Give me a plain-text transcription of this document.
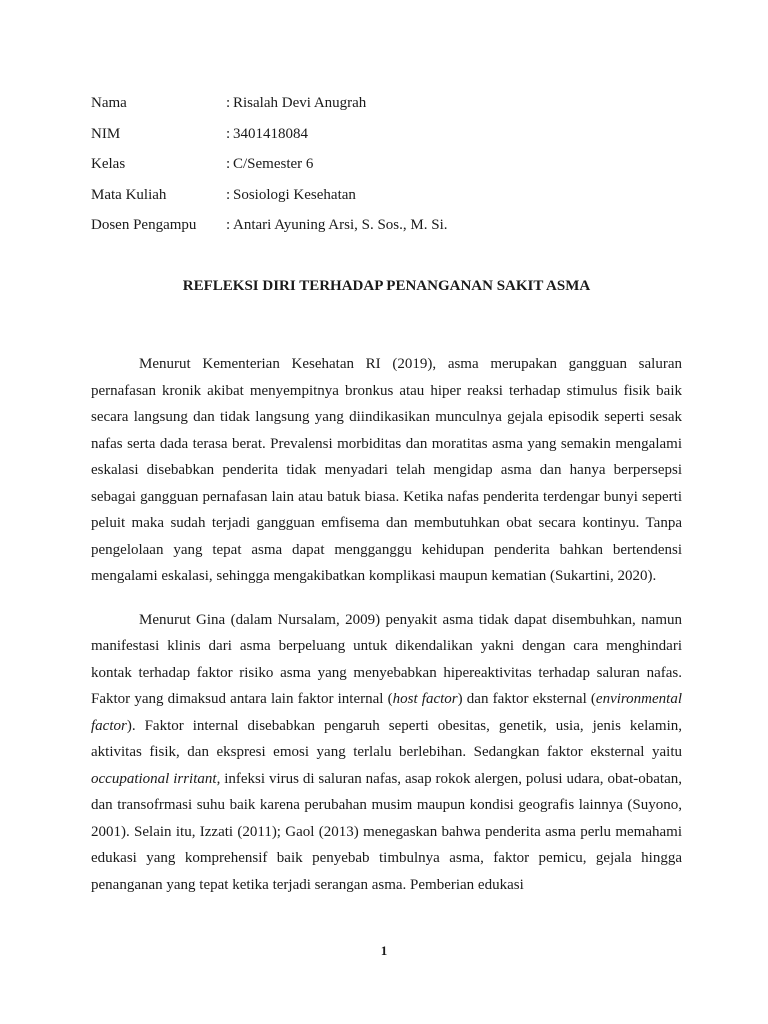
Nama	: Risalah Devi Anugrah
NIM	: 3401418084
Kelas	: C/Semester 6
Mata Kuliah	: Sosiologi Kesehatan
Dosen Pengampu	: Antari Ayuning Arsi, S. Sos., M. Si.
REFLEKSI DIRI TERHADAP PENANGANAN SAKIT ASMA

Menurut Kementerian Kesehatan RI (2019), asma merupakan gangguan saluran pernafasan kronik akibat menyempitnya bronkus atau hiper reaksi terhadap stimulus fisik baik secara langsung dan tidak langsung yang diindikasikan munculnya gejala episodik seperti sesak nafas serta dada terasa berat. Prevalensi morbiditas dan moratitas asma yang semakin mengalami eskalasi disebabkan penderita tidak menyadari telah mengidap asma dan hanya berpersepsi sebagai gangguan pernafasan lain atau batuk biasa. Ketika nafas penderita terdengar bunyi seperti peluit maka sudah terjadi gangguan emfisema dan membutuhkan obat secara kontinyu. Tanpa pengelolaan yang tepat asma dapat mengganggu kehidupan penderita bahkan bertendensi mengalami eskalasi, sehingga mengakibatkan komplikasi maupun kematian (Sukartini, 2020).

Menurut Gina (dalam Nursalam, 2009) penyakit asma tidak dapat disembuhkan, namun manifestasi klinis dari asma berpeluang untuk dikendalikan yakni dengan cara menghindari kontak terhadap faktor risiko asma yang menyebabkan hipereaktivitas terhadap saluran nafas. Faktor yang dimaksud antara lain faktor internal (host factor) dan faktor eksternal (environmental factor). Faktor internal disebabkan pengaruh seperti obesitas, genetik, usia, jenis kelamin, aktivitas fisik, dan ekspresi emosi yang terlalu berlebihan. Sedangkan faktor eksternal yaitu occupational irritant, infeksi virus di saluran nafas, asap rokok alergen, polusi udara, obat-obatan, dan transofrmasi suhu baik karena perubahan musim maupun kondisi geografis lainnya (Suyono, 2001). Selain itu, Izzati (2011); Gaol (2013) menegaskan bahwa penderita asma perlu memahami edukasi yang komprehensif baik penyebab timbulnya asma, faktor pemicu, gejala hingga penanganan yang tepat ketika terjadi serangan asma. Pemberian edukasi

1
